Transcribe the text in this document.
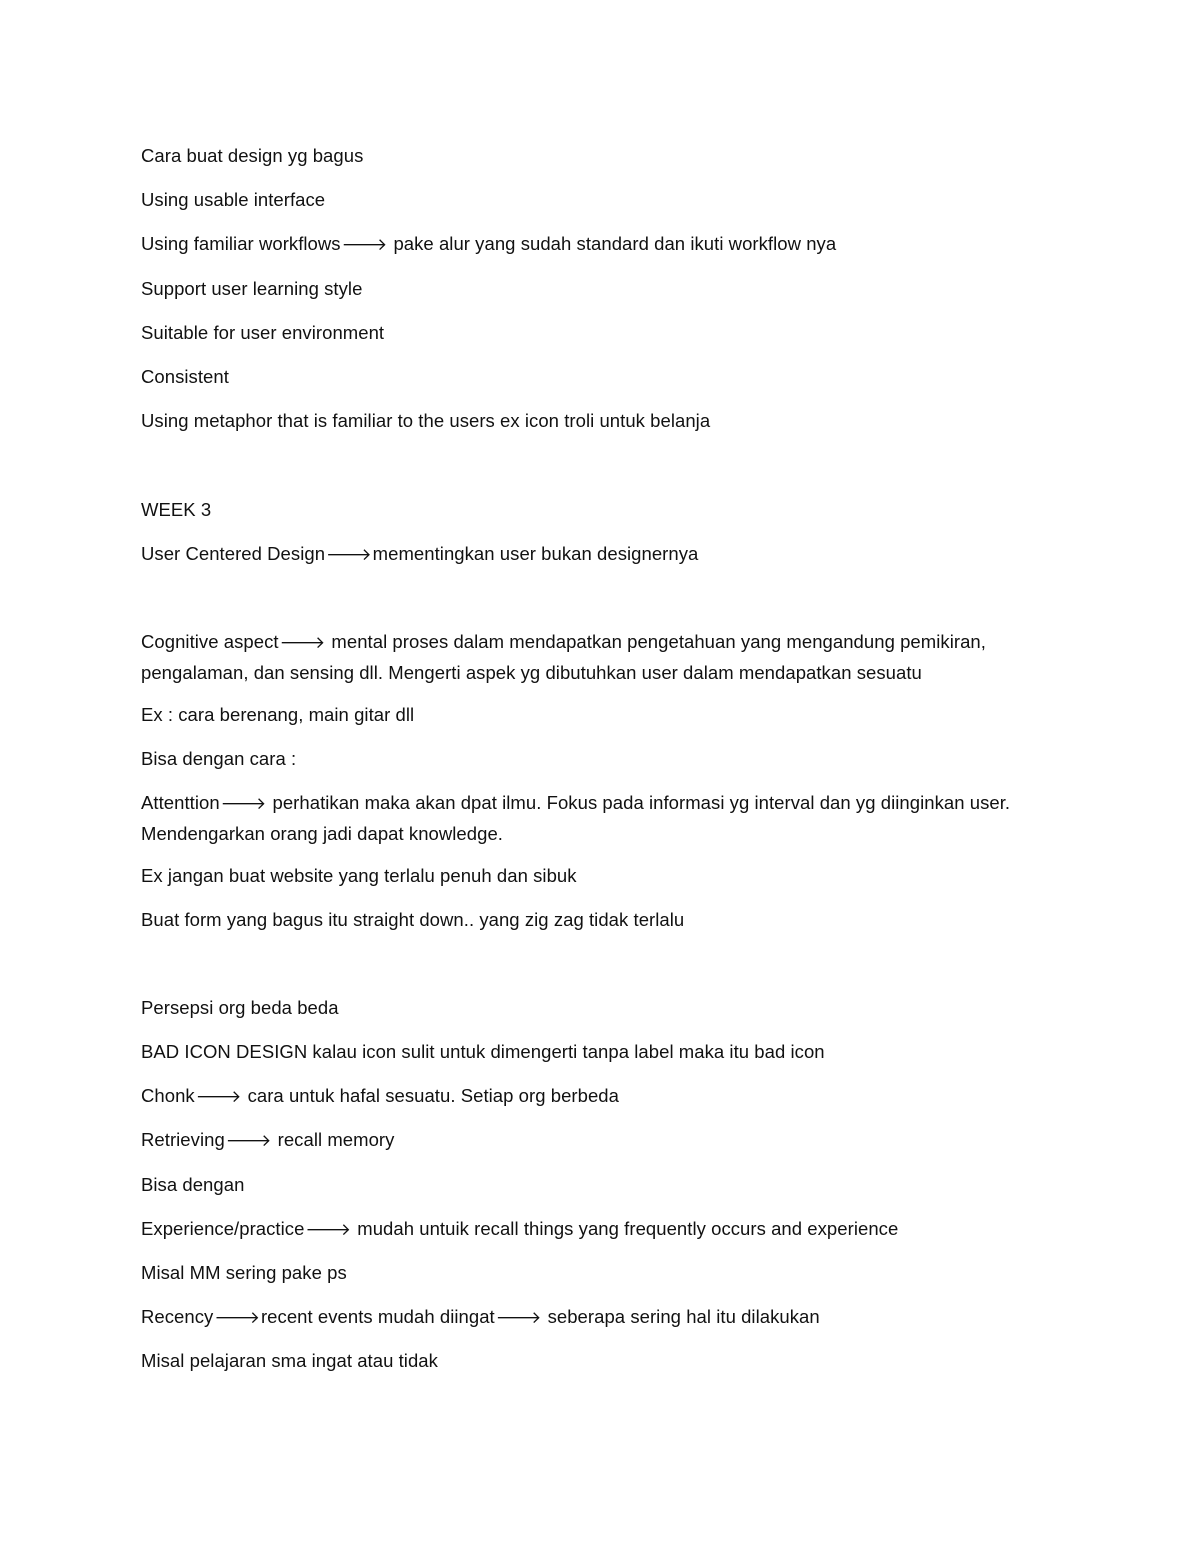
Cara buat design yg bagus

Using usable interface

Using familiar workflows🡒 pake alur yang sudah standard dan ikuti workflow nya

Support user learning style

Suitable for user environment

Consistent

Using metaphor that is familiar to the users ex icon troli untuk belanja

WEEK 3

User Centered Design🡒mementingkan user bukan designernya

Cognitive aspect🡒 mental proses dalam mendapatkan pengetahuan yang mengandung pemikiran, pengalaman, dan sensing dll. Mengerti aspek yg dibutuhkan user dalam mendapatkan sesuatu

Ex : cara berenang, main gitar dll

Bisa dengan cara :

Attenttion🡒 perhatikan maka akan dpat ilmu. Fokus pada informasi yg interval dan yg diinginkan user. Mendengarkan orang jadi dapat knowledge.

Ex jangan buat website yang terlalu penuh dan sibuk

Buat form yang bagus itu straight down.. yang zig zag tidak terlalu

Persepsi org beda beda

BAD ICON DESIGN kalau icon sulit untuk dimengerti tanpa label maka itu bad icon

Chonk🡒 cara untuk hafal sesuatu. Setiap org berbeda

Retrieving🡒 recall memory

Bisa dengan

Experience/practice🡒 mudah untuik recall things yang frequently occurs and experience

Misal MM sering pake ps

Recency🡒recent events mudah diingat🡒 seberapa sering hal itu dilakukan

Misal pelajaran sma ingat atau tidak
